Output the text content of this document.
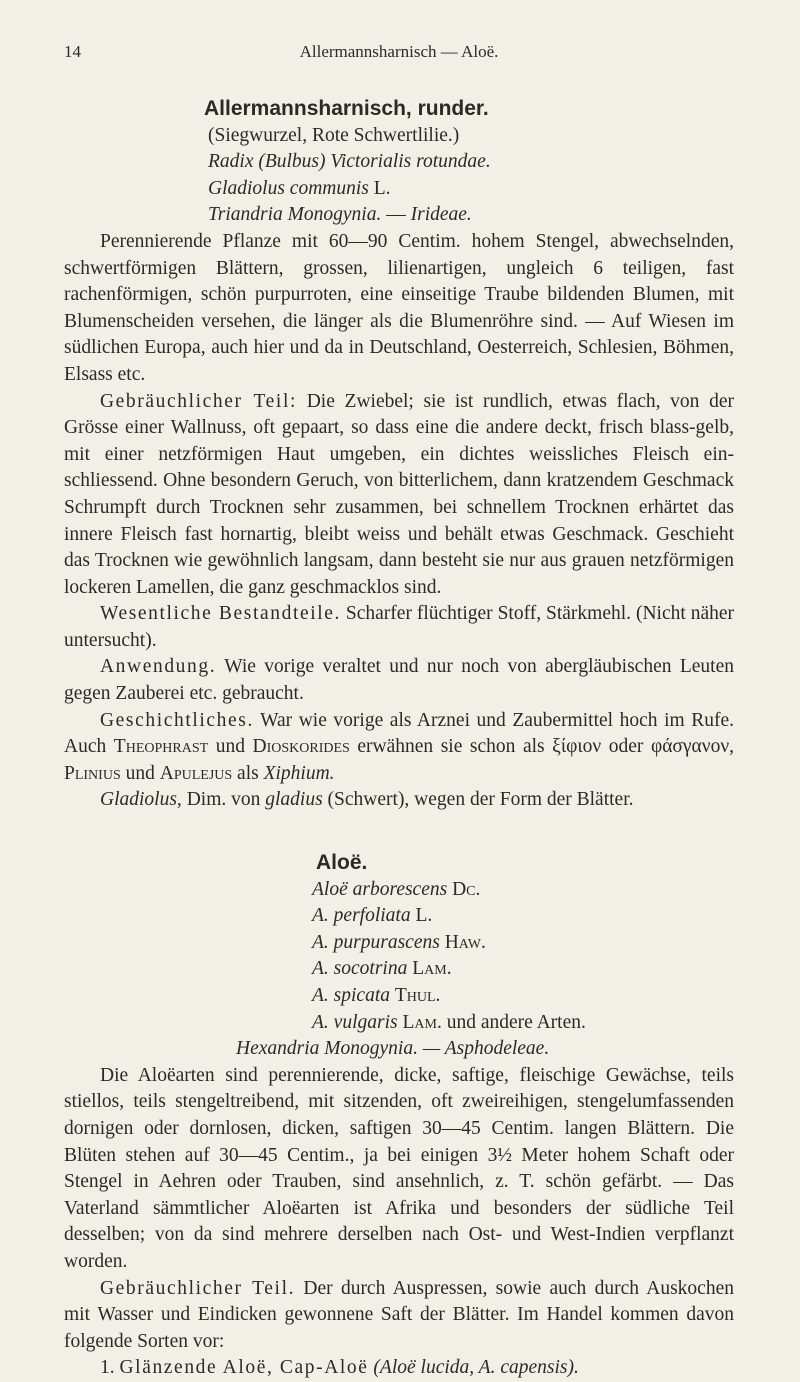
14	Allermannsharnisch — Aloë.

Allermannsharnisch, runder.

(Siegwurzel, Rote Schwertlilie.)

Radix (Bulbus) Victorialis rotundae.

Gladiolus communis L.

Triandria Monogynia. — Irideae.

Perennierende Pflanze mit 60—90 Centim. hohem Stengel, abwechselnden, schwertförmigen Blättern, grossen, lilienartigen, ungleich 6 teiligen, fast rachenförmigen, schön purpurroten, eine einseitige Traube bildenden Blumen, mit Blumenscheiden versehen, die länger als die Blumenröhre sind. — Auf Wiesen im südlichen Europa, auch hier und da in Deutschland, Oesterreich, Schlesien, Böhmen, Elsass etc.

Gebräuchlicher Teil: Die Zwiebel; sie ist rundlich, etwas flach, von der Grösse einer Wallnuss, oft gepaart, so dass eine die andere deckt, frisch blass-gelb, mit einer netzförmigen Haut umgeben, ein dichtes weissliches Fleisch ein-schliessend. Ohne besondern Geruch, von bitterlichem, dann kratzendem Geschmack Schrumpft durch Trocknen sehr zusammen, bei schnellem Trocknen erhärtet das innere Fleisch fast hornartig, bleibt weiss und behält etwas Geschmack. Geschieht das Trocknen wie gewöhnlich langsam, dann besteht sie nur aus grauen netzförmigen lockeren Lamellen, die ganz geschmacklos sind.

Wesentliche Bestandteile. Scharfer flüchtiger Stoff, Stärkmehl. (Nicht näher untersucht).

Anwendung. Wie vorige veraltet und nur noch von abergläubischen Leuten gegen Zauberei etc. gebraucht.

Geschichtliches. War wie vorige als Arznei und Zaubermittel hoch im Rufe. Auch Theophrast und Dioskorides erwähnen sie schon als ξίφιον oder φάσγανον, Plinius und Apulejus als Xiphium.

Gladiolus, Dim. von gladius (Schwert), wegen der Form der Blätter.

Aloë.

Aloë arborescens Dc.

A. perfoliata L.

A. purpurascens Haw.

A. socotrina Lam.

A. spicata Thul.

A. vulgaris Lam. und andere Arten.

Hexandria Monogynia. — Asphodeleae.

Die Aloëarten sind perennierende, dicke, saftige, fleischige Gewächse, teils stiellos, teils stengeltreibend, mit sitzenden, oft zweireihigen, stengelumfassenden dornigen oder dornlosen, dicken, saftigen 30—45 Centim. langen Blättern. Die Blüten stehen auf 30—45 Centim., ja bei einigen 3½ Meter hohem Schaft oder Stengel in Aehren oder Trauben, sind ansehnlich, z. T. schön gefärbt. — Das Vaterland sämmtlicher Aloëarten ist Afrika und besonders der südliche Teil desselben; von da sind mehrere derselben nach Ost- und West-Indien verpflanzt worden.

Gebräuchlicher Teil. Der durch Auspressen, sowie auch durch Auskochen mit Wasser und Eindicken gewonnene Saft der Blätter. Im Handel kommen davon folgende Sorten vor:

1. Glänzende Aloë, Cap-Aloë (Aloë lucida, A. capensis).
